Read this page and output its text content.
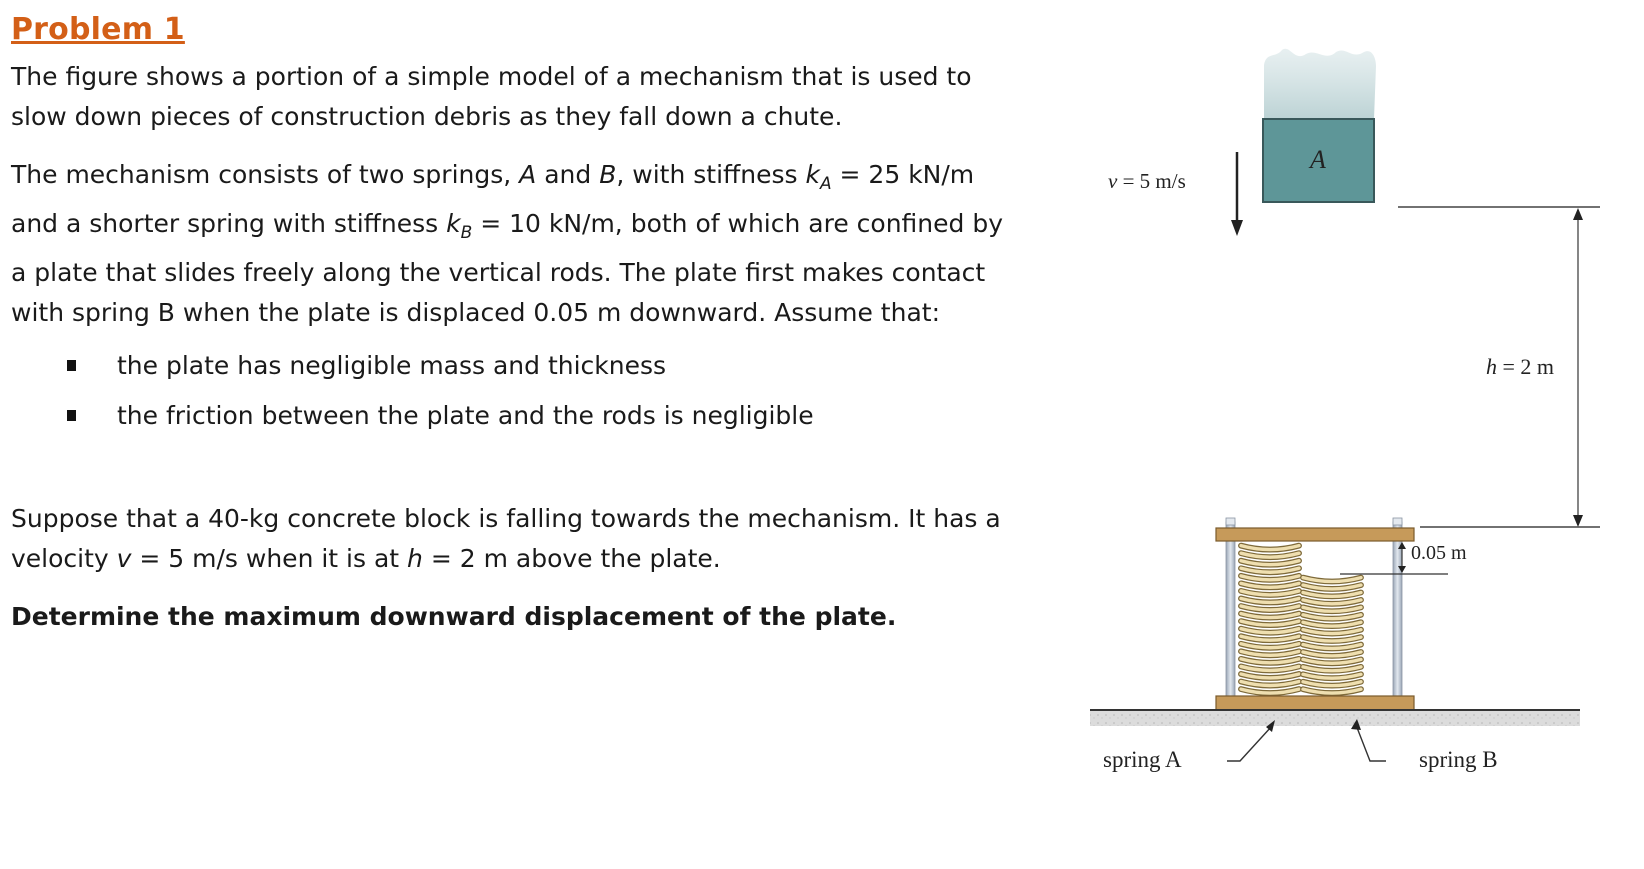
Problem 1

The figure shows a portion of a simple model of a mechanism that is used to slow down pieces of construction debris as they fall down a chute.

The mechanism consists of two springs, A and B, with stiffness $k_A = 25$ kN/m and a shorter spring with stiffness $k_B = 10$ kN/m, both of which are confined by a plate that slides freely along the vertical rods. The plate first makes contact with spring B when the plate is displaced 0.05 m downward. Assume that:

the plate has negligible mass and thickness
the friction between the plate and the rods is negligible

Suppose that a 40-kg concrete block is falling towards the mechanism. It has a velocity v = 5 m/s when it is at h = 2 m above the plate.

Determine the maximum downward displacement of the plate.

A
v = 5 m/s
h = 2 m
0.05 m
spring A	spring B
